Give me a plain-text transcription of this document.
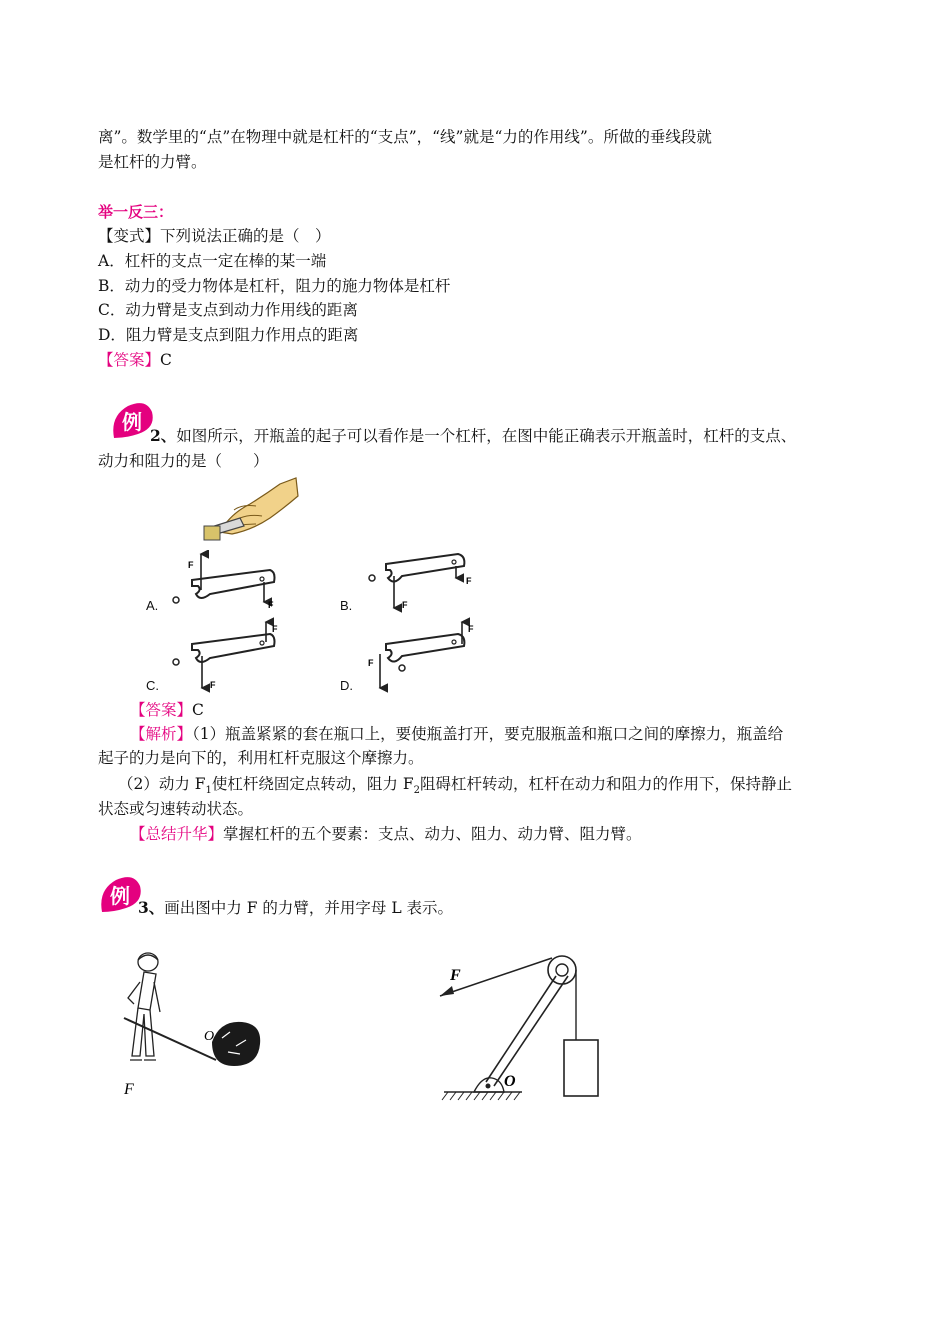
离”。数学里的“点”在物理中就是杠杆的“支点”，“线”就是“力的作用线”。所做的垂线段就
是杠杆的力臂。
举一反三：
【变式】下列说法正确的是（　）
A．杠杆的支点一定在棒的某一端
B．动力的受力物体是杠杆，阻力的施力物体是杠杆
C．动力臂是支点到动力作用线的距离
D．阻力臂是支点到阻力作用点的距离
【答案】C
例
2、如图所示，开瓶盖的起子可以看作是一个杠杆，在图中能正确表示开瓶盖时，杠杆的支点、
动力和阻力的是（　　）
F
F
F
F
F
F
F
F
A.	B.
C.	D.
【答案】C
【解析】（1）瓶盖紧紧的套在瓶口上，要使瓶盖打开，要克服瓶盖和瓶口之间的摩擦力，瓶盖给
起子的力是向下的，利用杠杆克服这个摩擦力。
（2）动力 $F_1$使杠杆绕固定点转动，阻力 $F_2$阻碍杠杆转动，杠杆在动力和阻力的作用下，保持静止
状态或匀速转动状态。
【总结升华】掌握杠杆的五个要素：支点、动力、阻力、动力臂、阻力臂。
例 3、画出图中力 F 的力臂，并用字母 L 表示。
O
F
F
O
